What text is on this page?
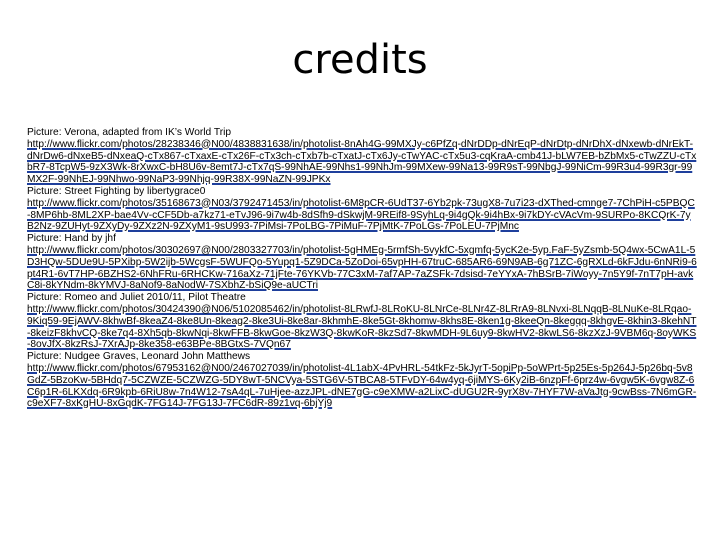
credits
Picture: Verona, adapted from IK’s World Trip
http://www.flickr.com/photos/28238346@N00/4838831638/in/photolist-8nAh4G-99MXJy-c6PfZq-dNrDDp-dNrEqP-dNrDtp-dNrDhX-dNxewb-dNrEkT-dNrDw6-dNxeB5-dNxeaQ-cTx867-cTxaxE-cTx26F-cTx3ch-cTxb7b-cTxatJ-cTx6Jy-cTwYAC-cTx5u3-cqKraA-cmb41J-bLW7EB-bZbMx5-cTwZZU-cTxbR7-8TcpW5-9zX3Wk-8rXwxC-bH8U6v-8emt7J-cTx7qS-99NhAE-99Nhs1-99NhJm-99MXew-99Na13-99R9sT-99NbgJ-99NiCm-99R3u4-99R3gr-99MX2F-99NhEJ-99Nhwo-99NaP3-99Nhjq-99R38X-99NaZN-99JPKx
Picture: Street Fighting by libertygrace0
http://www.flickr.com/photos/35168673@N03/3792471453/in/photolist-6M8pCR-6UdT37-6Yb2pk-73ugX8-7u7i23-dXThed-cmnge7-7ChPiH-c5PBQC-8MP6hb-8ML2XP-bae4Vv-cCF5Db-a7kz71-eTvJ96-9i7w4b-8dSfh9-dSkwjM-9REif8-9SyhLq-9i4gQk-9i4hBx-9i7kDY-cVAcVm-9SURPo-8KCQrK-7yB2Nz-9ZUHyt-9ZXyDy-9ZXz2N-9ZXyM1-9sU993-7PiMsi-7PoLBG-7PiMuF-7PjMtK-7PoLGs-7PoLEU-7PjMnc
Picture: Hand by jhf
http://www.flickr.com/photos/30302697@N00/2803327703/in/photolist-5gHMEg-5rmfSh-5vykfC-5xgmfq-5ycK2e-5yp.FaF-5yZsmb-5Q4wx-5CwA1L-5D3HQw-5DUe9U-5PXibp-5W2ijb-5WcgsF-5WUFQo-5Yupq1-5Z9DCa-5ZoDoi-65vpHH-67truC-685AR6-69N9AB-6g71ZC-6gRXLd-6kFJdu-6nNRi9-6pt4R1-6vT7HP-6BZHS2-6NhFRu-6RHCKw-716aXz-71jFte-76YKVb-77C3xM-7af7AP-7aZSFk-7dsisd-7eYYxA-7hBSrB-7iWoyy-7n5Y9f-7nT7pH-avkC8i-8kYNdm-8kYMVJ-8aNof9-8aNodW-7SXbhZ-bSiQ9e-aUCTri
Picture: Romeo and Juliet 2010/11, Pilot Theatre
http://www.flickr.com/photos/30424390@N06/5102085462/in/photolist-8LRwfJ-8LRoKU-8LNrCe-8LNr4Z-8LRrA9-8LNvxi-8LNqqB-8LNuKe-8LRqao-9Kiq59-9EjAWV-8khwBf-8keaZ4-8ke8Un-8keag2-8ke3Ui-8ke8ar-8khmhE-8ke5Gt-8khomw-8khs8E-8ken1g-8keeQn-8kegqq-8khgvE-8khin3-8kehNT-8keizF8khvCQ-8ke7q4-8Xh5qb-8kwNqi-8kwFFB-8kwGoe-8kzW3Q-8kwKoR-8kzSd7-8kwMDH-9L6uy9-8kwHV2-8kwLS6-8kzXzJ-9VBM6q-8oyWKS-8ovJfX-8kzRsJ-7XrAJp-8ke358-e63BPe-8BGtxS-7VQn67
Picture: Nudgee Graves, Leonard John Matthews
http://www.flickr.com/photos/67953162@N00/2467027039/in/photolist-4L1abX-4PvHRL-54tkFz-5kJyrT-5opiPp-5oWPrt-5p25Es-5p264J-5p26bq-5v8GdZ-5BzoKw-5BHdq7-5CZWZE-5CZWZG-5DY8wT-5NCVya-5STG6V-5TBCA8-5TFvDY-64w4yq-6jiMYS-6Ky2iB-6nzpFf-6prz4w-6vgw5K-6vgw8Z-6C6p1R-6LKXdq-6R9kpb-6RiU8w-7n4W12-7sA4qL-7uHjee-azzJPL-dNE7gG-c9eXMW-a2LixC-dUGU2R-9yrX8v-7HYF7W-aVaJtg-9cwBss-7N6mGR-c9eXF7-8xKgHU-8xGqdK-7FG14J-7FG13J-7FC6dR-89z1vq-6bjYj9
